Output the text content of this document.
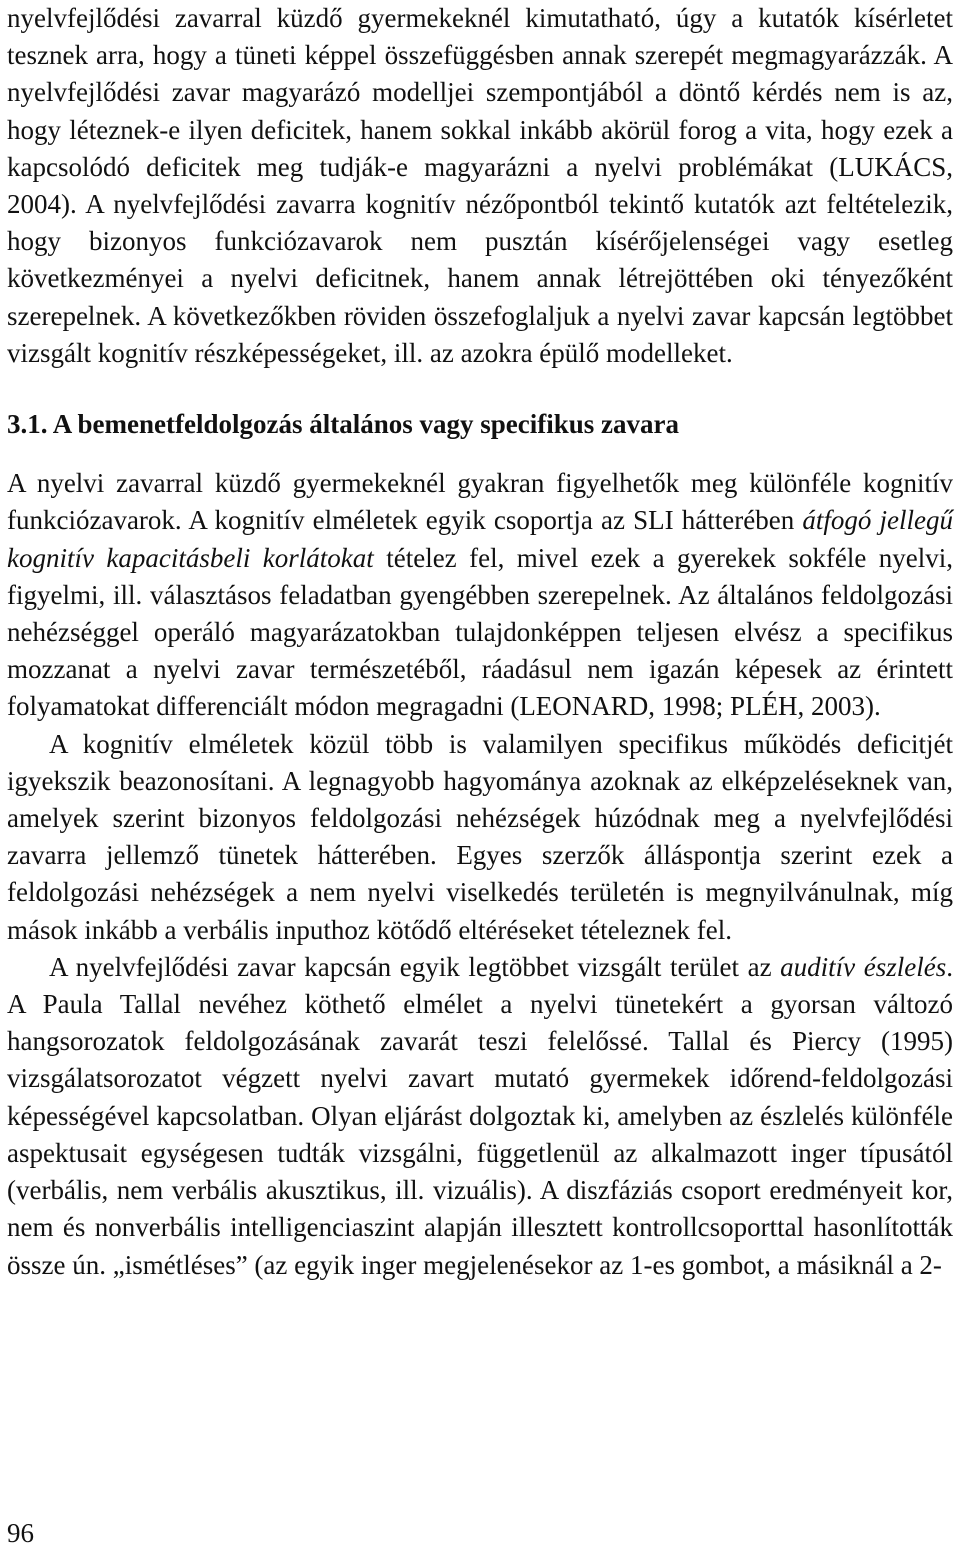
nyelvfejlődési zavarral küzdő gyermekeknél kimutatható, úgy a kutatók kísérletet tesznek arra, hogy a tüneti képpel összefüggésben annak szerepét megmagyarázzák. A nyelvfejlődési zavar magyarázó modelljei szempontjából a döntő kérdés nem is az, hogy léteznek-e ilyen deficitek, hanem sokkal inkább akörül forog a vita, hogy ezek a kapcsolódó deficitek meg tudják-e magyarázni a nyelvi problémákat (LUKÁCS, 2004). A nyelvfejlődési zavarra kognitív nézőpontból tekintő kutatók azt feltételezik, hogy bizonyos funkciózavarok nem pusztán kísérőjelenségei vagy esetleg következményei a nyelvi deficitnek, hanem annak létrejöttében oki tényezőként szerepelnek. A következőkben röviden összefoglaljuk a nyelvi zavar kapcsán legtöbbet vizsgált kognitív részképességeket, ill. az azokra épülő modelleket.

3.1. A bemenetfeldolgozás általános vagy specifikus zavara

A nyelvi zavarral küzdő gyermekeknél gyakran figyelhetők meg különféle kognitív funkciózavarok. A kognitív elméletek egyik csoportja az SLI hátterében átfogó jellegű kognitív kapacitásbeli korlátokat tételez fel, mivel ezek a gyerekek sokféle nyelvi, figyelmi, ill. választásos feladatban gyengébben szerepelnek. Az általános feldolgozási nehézséggel operáló magyarázatokban tulajdonképpen teljesen elvész a specifikus mozzanat a nyelvi zavar természetéből, ráadásul nem igazán képesek az érintett folyamatokat differenciált módon megragadni (LEONARD, 1998; PLÉH, 2003).

A kognitív elméletek közül több is valamilyen specifikus működés deficitjét igyekszik beazonosítani. A legnagyobb hagyománya azoknak az elképzeléseknek van, amelyek szerint bizonyos feldolgozási nehézségek húzódnak meg a nyelvfejlődési zavarra jellemző tünetek hátterében. Egyes szerzők álláspontja szerint ezek a feldolgozási nehézségek a nem nyelvi viselkedés területén is megnyilvánulnak, míg mások inkább a verbális inputhoz kötődő eltéréseket tételeznek fel.

A nyelvfejlődési zavar kapcsán egyik legtöbbet vizsgált terület az auditív észlelés. A Paula Tallal nevéhez köthető elmélet a nyelvi tünetekért a gyorsan változó hangsorozatok feldolgozásának zavarát teszi felelőssé. Tallal és Piercy (1995) vizsgálatsorozatot végzett nyelvi zavart mutató gyermekek időrend-feldolgozási képességével kapcsolatban. Olyan eljárást dolgoztak ki, amelyben az észlelés különféle aspektusait egységesen tudták vizsgálni, függetlenül az alkalmazott inger típusától (verbális, nem verbális akusztikus, ill. vizuális). A diszfáziás csoport eredményeit kor, nem és nonverbális intelligenciaszint alapján illesztett kontrollcsoporttal hasonlították össze ún. „ismétléses” (az egyik inger megjelenésekor az 1-es gombot, a másiknál a 2-

96
